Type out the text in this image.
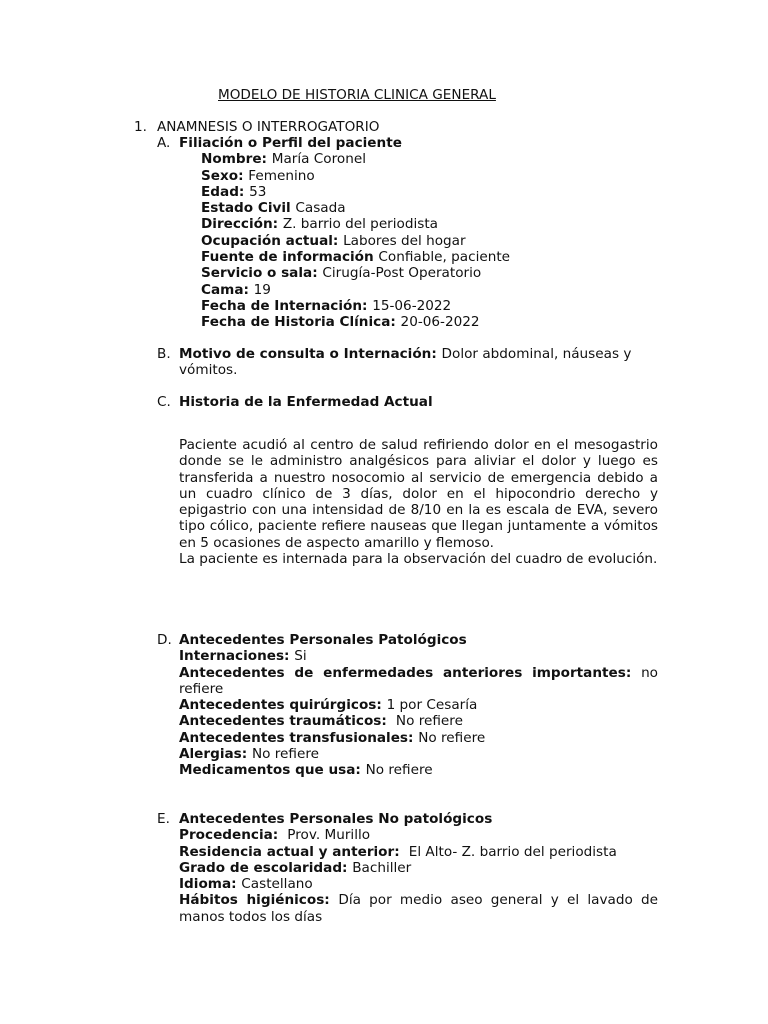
MODELO DE HISTORIA CLINICA GENERAL
1. ANAMNESIS O INTERROGATORIO
A. Filiación o Perfil del paciente
Nombre: María Coronel
Sexo: Femenino
Edad: 53
Estado Civil Casada
Dirección: Z. barrio del periodista
Ocupación actual: Labores del hogar
Fuente de información Confiable, paciente
Servicio o sala: Cirugía-Post Operatorio
Cama: 19
Fecha de Internación: 15-06-2022
Fecha de Historia Clínica: 20-06-2022
B. Motivo de consulta o Internación: Dolor abdominal, náuseas y vómitos.
C. Historia de la Enfermedad Actual
Paciente acudió al centro de salud refiriendo dolor en el mesogastrio donde se le administro analgésicos para aliviar el dolor y luego es transferida a nuestro nosocomio al servicio de emergencia debido a un cuadro clínico de 3 días, dolor en el hipocondrio derecho y epigastrio con una intensidad de 8/10 en la es escala de EVA, severo tipo cólico, paciente refiere nauseas que llegan juntamente a vómitos en 5 ocasiones de aspecto amarillo y flemoso.
La paciente es internada para la observación del cuadro de evolución.
D. Antecedentes Personales Patológicos
Internaciones: Si
Antecedentes de enfermedades anteriores importantes: no refiere
Antecedentes quirúrgicos: 1 por Cesaría
Antecedentes traumáticos:  No refiere
Antecedentes transfusionales: No refiere
Alergias: No refiere
Medicamentos que usa: No refiere
E. Antecedentes Personales No patológicos
Procedencia:  Prov. Murillo
Residencia actual y anterior:  El Alto- Z. barrio del periodista
Grado de escolaridad: Bachiller
Idioma: Castellano
Hábitos higiénicos: Día por medio aseo general y el lavado de manos todos los días
